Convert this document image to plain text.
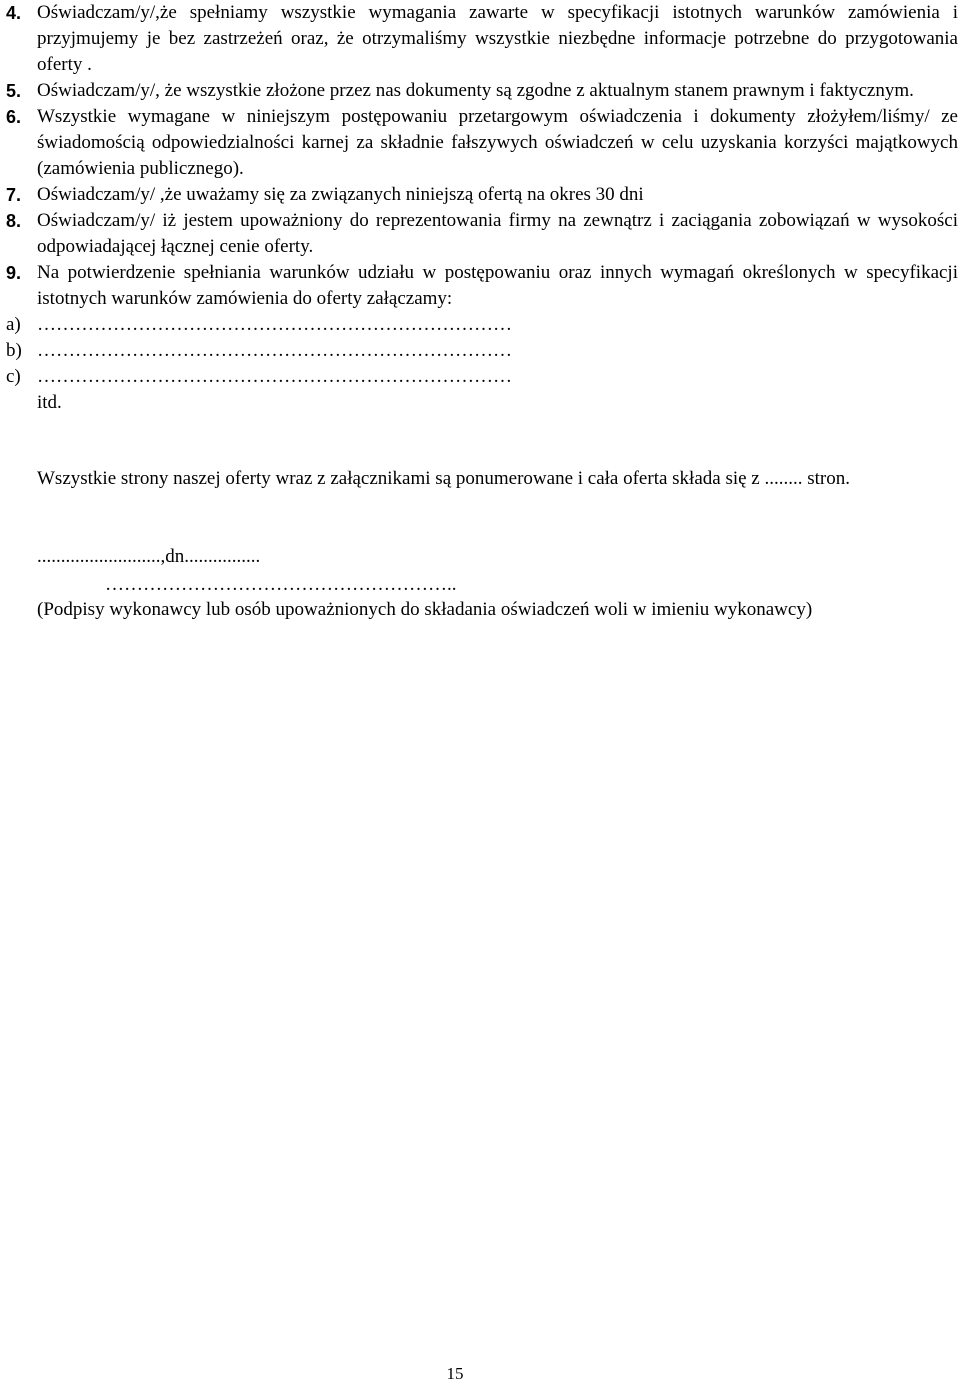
4. Oświadczam/y/,że spełniamy wszystkie wymagania zawarte w specyfikacji istotnych warunków zamówienia i przyjmujemy je bez zastrzeżeń oraz, że otrzymaliśmy wszystkie niezbędne informacje potrzebne do przygotowania oferty .
5. Oświadczam/y/, że wszystkie złożone przez nas dokumenty są zgodne z aktualnym stanem prawnym i faktycznym.
6. Wszystkie wymagane w niniejszym postępowaniu przetargowym oświadczenia i dokumenty złożyłem/liśmy/ ze świadomością odpowiedzialności karnej za składnie fałszywych oświadczeń w celu uzyskania korzyści majątkowych (zamówienia publicznego).
7. Oświadczam/y/ ,że uważamy się za związanych niniejszą ofertą na okres 30 dni
8. Oświadczam/y/ iż jestem upoważniony do reprezentowania firmy na zewnątrz i zaciągania zobowiązań w wysokości odpowiadającej łącznej cenie oferty.
9. Na potwierdzenie spełniania warunków udziału w postępowaniu oraz innych wymagań określonych w specyfikacji istotnych warunków zamówienia do oferty załączamy:
a) …………………………………………………………………
b) …………………………………………………………………
c) …………………………………………………………………
itd.
Wszystkie strony naszej oferty wraz z załącznikami są ponumerowane i cała oferta składa się z ........ stron.
..........................,dn................
………………………………………………..
(Podpisy wykonawcy lub osób upoważnionych do składania oświadczeń woli w imieniu wykonawcy)
15
